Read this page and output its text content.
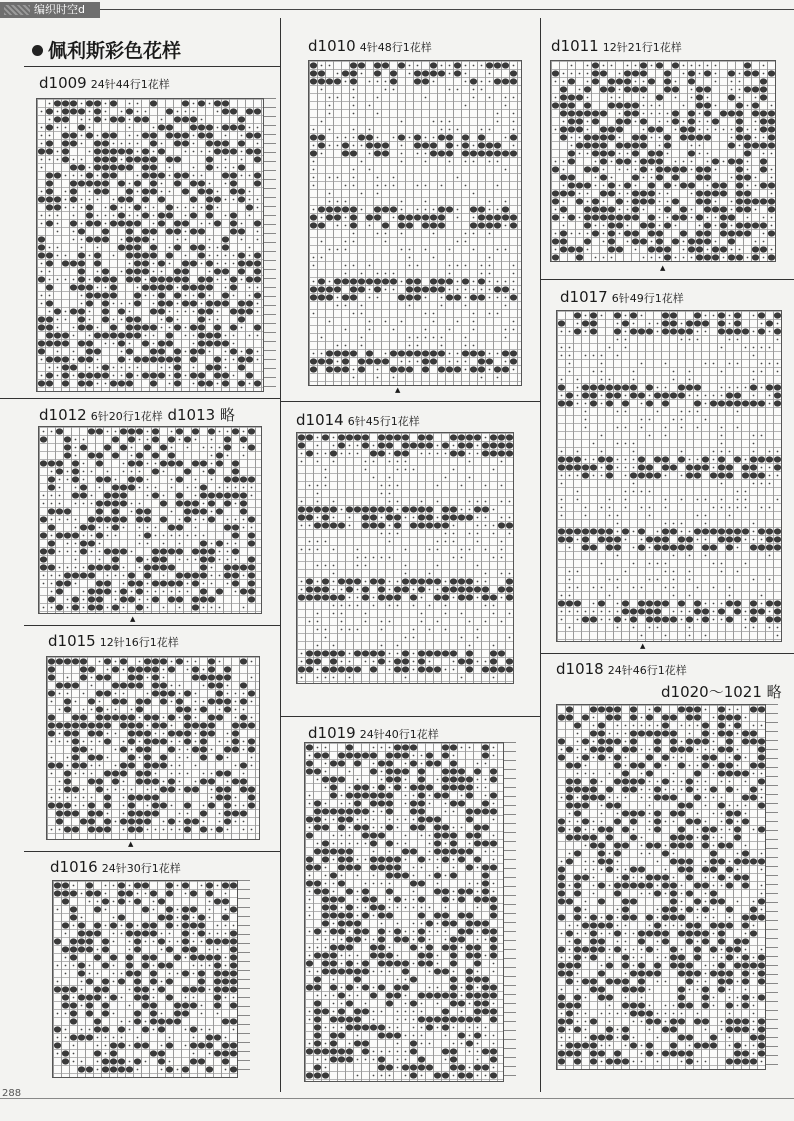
编织时空d
佩利斯彩色花样
d1009 24针44行1花样
d1010 4针48行1花样	d1011 12针21行1花样
d1012 6针20行1花样 d1013 略	d1014 6针45行1花样
d1017 6针49行1花样
d1015 12针16行1花样
d1018 24针46行1花样
d1020～1021 略
d1019 24针40行1花样
d1016 24针30行1花样
▲
▲
▲
▲
▲
288
